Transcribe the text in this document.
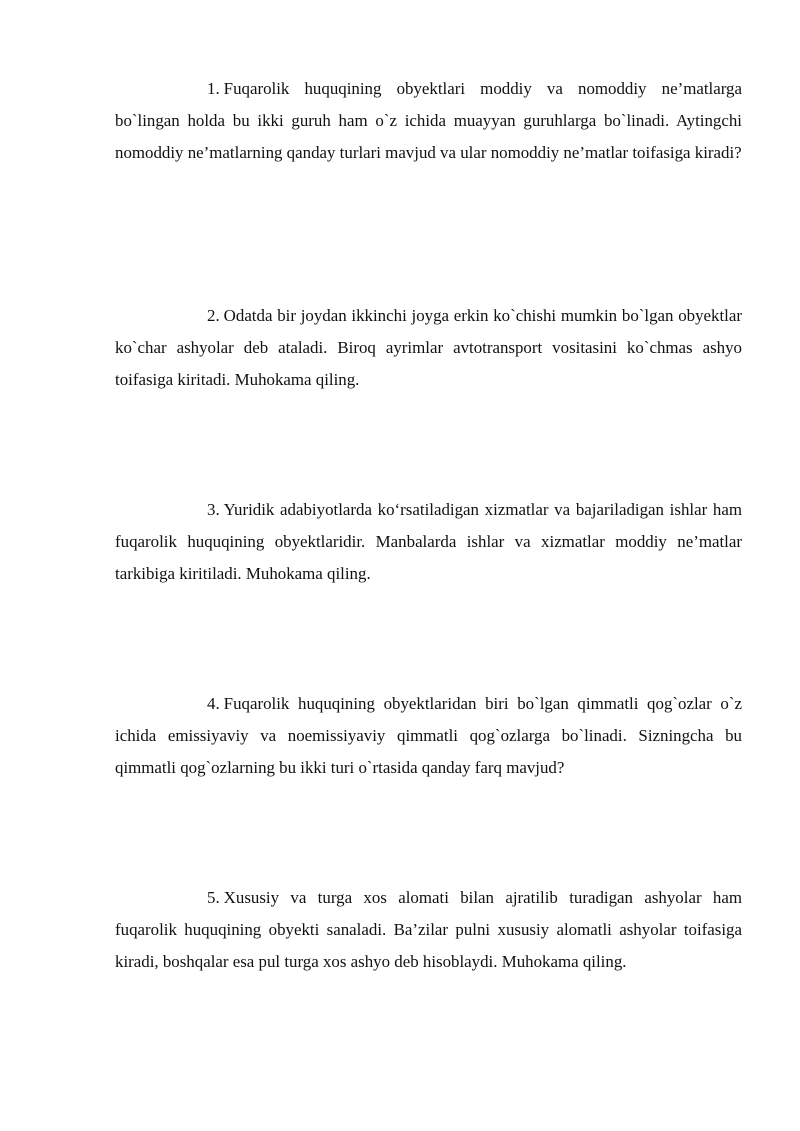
1. Fuqarolik huquqining obyektlari moddiy va nomoddiy ne’matlarga bo`lingan holda bu ikki guruh ham o`z ichida muayyan guruhlarga bo`linadi. Aytingchi nomoddiy ne’matlarning qanday turlari mavjud va ular nomoddiy ne’matlar toifasiga kiradi?

2. Odatda bir joydan ikkinchi joyga erkin ko`chishi mumkin bo`lgan obyektlar ko`char ashyolar deb ataladi. Biroq ayrimlar avtotransport vositasini ko`chmas ashyo toifasiga kiritadi. Muhokama qiling.

3. Yuridik adabiyotlarda ko‘rsatiladigan xizmatlar va bajariladigan ishlar ham fuqarolik huquqining obyektlaridir. Manbalarda ishlar va xizmatlar moddiy ne’matlar tarkibiga kiritiladi. Muhokama qiling.

4. Fuqarolik huquqining obyektlaridan biri bo`lgan qimmatli qog`ozlar o`z ichida emissiyaviy va noemissiyaviy qimmatli qog`ozlarga bo`linadi. Sizningcha bu qimmatli qog`ozlarning bu ikki turi o`rtasida qanday farq mavjud?

5. Xususiy va turga xos alomati bilan ajratilib turadigan ashyolar ham fuqarolik huquqining obyekti sanaladi. Ba’zilar pulni xususiy alomatli ashyolar toifasiga kiradi, boshqalar esa pul turga xos ashyo deb hisoblaydi. Muhokama qiling.
